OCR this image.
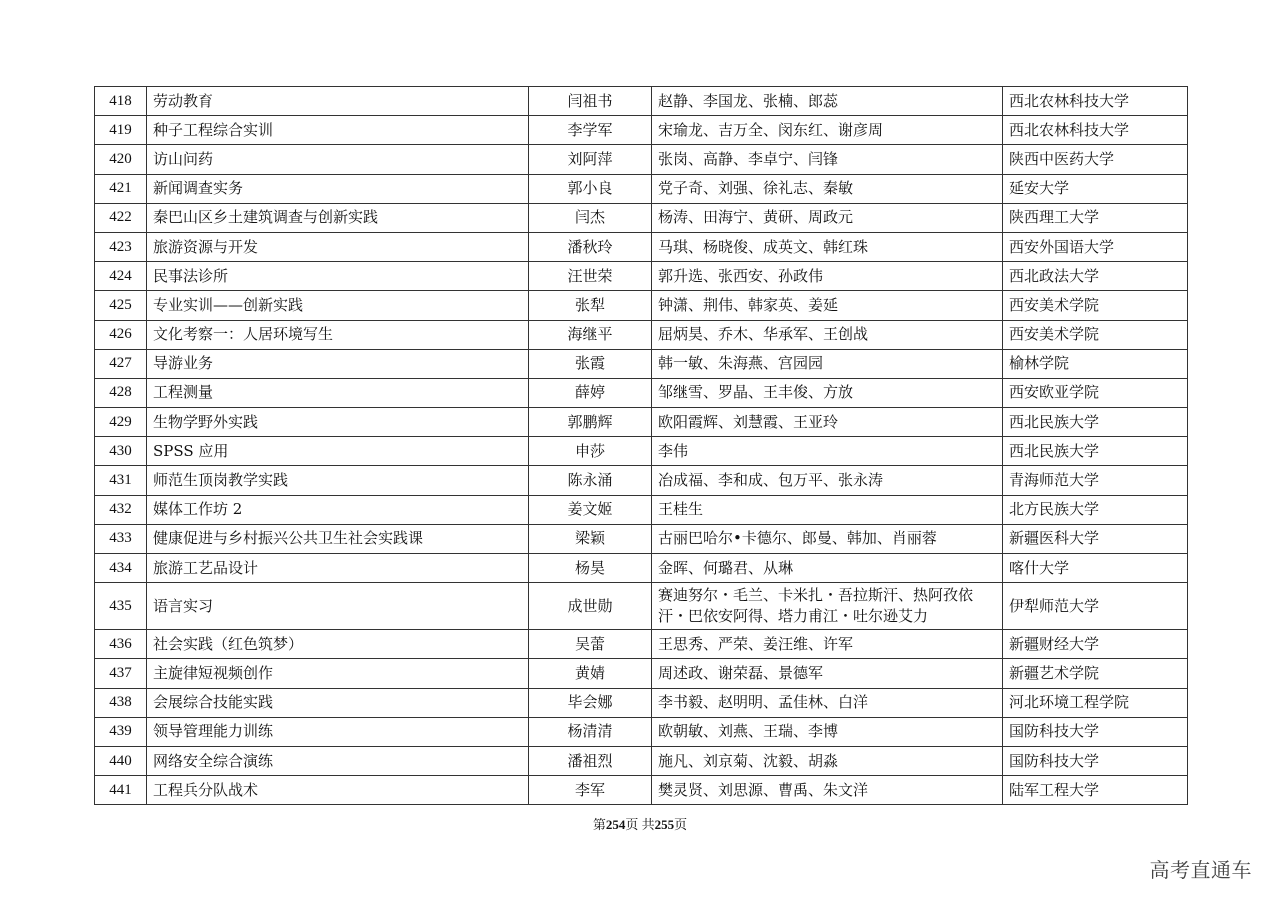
418	劳动教育	闫祖书	赵静、李国龙、张楠、郎蕊	西北农林科技大学
419	种子工程综合实训	李学军	宋瑜龙、吉万全、闵东红、谢彦周	西北农林科技大学
420	访山问药	刘阿萍	张岗、高静、李卓宁、闫锋	陕西中医药大学
421	新闻调查实务	郭小良	党子奇、刘强、徐礼志、秦敏	延安大学
422	秦巴山区乡土建筑调查与创新实践	闫杰	杨涛、田海宁、黄研、周政元	陕西理工大学
423	旅游资源与开发	潘秋玲	马琪、杨晓俊、成英文、韩红珠	西安外国语大学
424	民事法诊所	汪世荣	郭升选、张西安、孙政伟	西北政法大学
425	专业实训——创新实践	张犁	钟潇、荆伟、韩家英、姜延	西安美术学院
426	文化考察一：人居环境写生	海继平	屈炳昊、乔木、华承军、王创战	西安美术学院
427	导游业务	张霞	韩一敏、朱海燕、宫园园	榆林学院
428	工程测量	薛婷	邹继雪、罗晶、王丰俊、方放	西安欧亚学院
429	生物学野外实践	郭鹏辉	欧阳霞辉、刘慧霞、王亚玲	西北民族大学
430	SPSS 应用	申莎	李伟	西北民族大学
431	师范生顶岗教学实践	陈永涌	冶成福、李和成、包万平、张永涛	青海师范大学
432	媒体工作坊 2	姜文姬	王桂生	北方民族大学
433	健康促进与乡村振兴公共卫生社会实践课	梁颖	古丽巴哈尔•卡德尔、郎曼、韩加、肖丽蓉	新疆医科大学
434	旅游工艺品设计	杨昊	金晖、何璐君、从琳	喀什大学
435	语言实习	成世勋	赛迪努尔・毛兰、卡米扎・吾拉斯汗、热阿孜依汗・巴依安阿得、塔力甫江・吐尔逊艾力	伊犁师范大学
436	社会实践（红色筑梦）	吴蕾	王思秀、严荣、姜汪维、许军	新疆财经大学
437	主旋律短视频创作	黄婧	周述政、谢荣磊、景德军	新疆艺术学院
438	会展综合技能实践	毕会娜	李书毅、赵明明、孟佳林、白洋	河北环境工程学院
439	领导管理能力训练	杨清清	欧朝敏、刘燕、王瑞、李博	国防科技大学
440	网络安全综合演练	潘祖烈	施凡、刘京菊、沈毅、胡淼	国防科技大学
441	工程兵分队战术	李军	樊灵贤、刘思源、曹禹、朱文洋	陆军工程大学
第254页 共255页
高考直通车
